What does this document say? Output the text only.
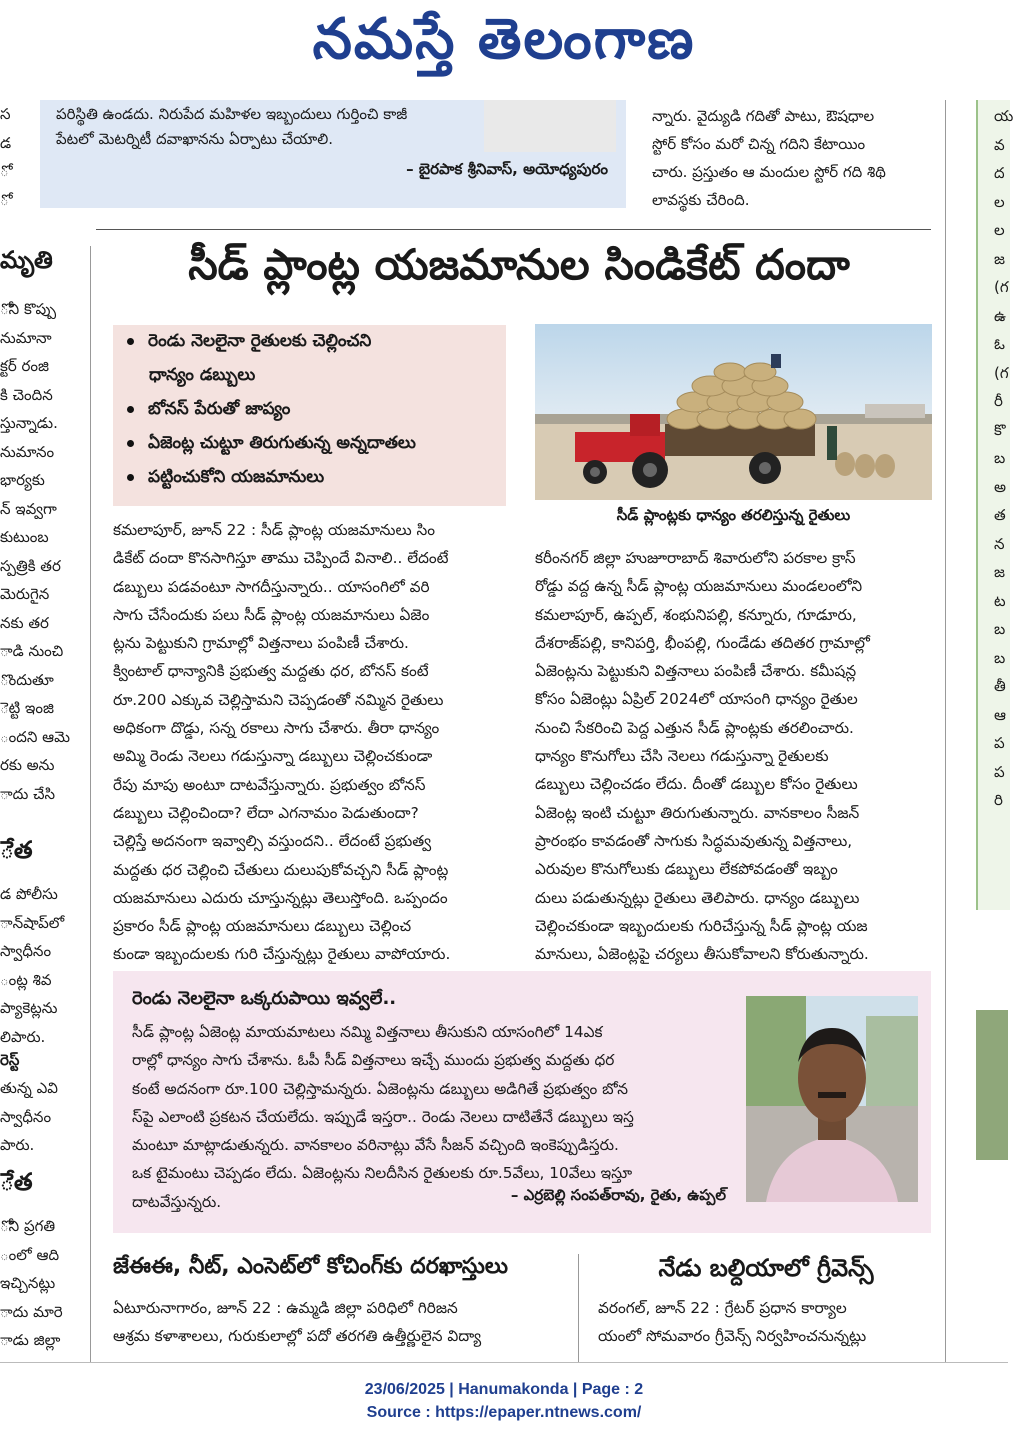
నమస్తే తెలంగాణ
పరిస్థితి ఉండదు. నిరుపేద మహిళల ఇబ్బందులు గుర్తించి కాజీ
పేటలో మెటర్నిటీ దవాఖానను ఏర్పాటు చేయాలి.
– బైరపాక శ్రీనివాస్, అయోధ్యపురం
న్నారు. వైద్యుడి గదితో పాటు, ఔషధాల
స్టోర్ కోసం మరో చిన్న గదిని కేటాయిం
చారు. ప్రస్తుతం ఆ మందుల స్టోర్ గది శిథి
లావస్థకు చేరింది.
స
డ
ో
ో
మృతి
ోని కొప్పు
నుమానా
క్టర్ రంజి
కి చెందిన
స్తున్నాడు.
నుమానం
భార్యకు
న్ ఇవ్వగా
కుటుంబ
స్పత్రికి తర
మెరుగైన
నకు తర
ాడి నుంచి
ొందుతూ
ెట్టి ఇంజి
ందని ఆమె
రకు అను
ాదు చేసి
ేత
డ పోలీసు
ాన్‌షాప్‌లో
స్వాధీనం
ంట్ల శివ
ప్యాకెట్లను
లిపారు.
రెస్ట్
తున్న ఎవి
స్వాధీనం
పారు.
ేత
ోని ప్రగతి
ంలో ఆది
ఇచ్చినట్లు
ాదు మారె
ాడు జిల్లా
య
వ
ద
ల
ల
జ
(గ
ఉ
ఓ
(గ
రీ
కొ
బ
అ
త
న
జ
ట
బ
బ
తీ
ఆ
ప
ప
రి
సీడ్ ప్లాంట్ల యజమానుల సిండికేట్ దందా
రెండు నెలలైనా రైతులకు చెల్లించని
ధాన్యం డబ్బులు
బోనస్ పేరుతో జాప్యం
ఏజెంట్ల చుట్టూ తిరుగుతున్న అన్నదాతలు
పట్టించుకోని యజమానులు
సీడ్ ప్లాంట్లకు ధాన్యం తరలిస్తున్న రైతులు
కమలాపూర్, జూన్ 22 : సీడ్ ప్లాంట్ల యజమానులు సిం
డికేట్ దందా కొనసాగిస్తూ తాము చెప్పిందే వినాలి.. లేదంటే
డబ్బులు పడవంటూ సాగదీస్తున్నారు.. యాసంగిలో వరి
సాగు చేసేందుకు పలు సీడ్ ప్లాంట్ల యజమానులు ఏజెం
ట్లను పెట్టుకుని గ్రామాల్లో విత్తనాలు పంపిణీ చేశారు.
క్వింటాల్ ధాన్యానికి ప్రభుత్వ మద్దతు ధర, బోనస్ కంటే
రూ.200 ఎక్కువ చెల్లిస్తామని చెప్పడంతో నమ్మిన రైతులు
అధికంగా దొడ్డు, సన్న రకాలు సాగు చేశారు. తీరా ధాన్యం
అమ్మి రెండు నెలలు గడుస్తున్నా డబ్బులు చెల్లించకుండా
రేపు మాపు అంటూ దాటవేస్తున్నారు. ప్రభుత్వం బోనస్
డబ్బులు చెల్లించిందా? లేదా ఎగనామం పెడుతుందా?
చెల్లిస్తే అదనంగా ఇవ్వాల్సి వస్తుందని.. లేదంటే ప్రభుత్వ
మద్దతు ధర చెల్లించి చేతులు దులుపుకోవచ్చని సీడ్ ప్లాంట్ల
యజమానులు ఎదురు చూస్తున్నట్లు తెలుస్తోంది. ఒప్పందం
ప్రకారం సీడ్ ప్లాంట్ల యజమానులు డబ్బులు చెల్లించ
కుండా ఇబ్బందులకు గురి చేస్తున్నట్లు రైతులు వాపోయారు.
కరీంనగర్ జిల్లా హుజూరాబాద్ శివారులోని పరకాల క్రాస్
రోడ్డు వద్ద ఉన్న సీడ్ ప్లాంట్ల యజమానులు మండలంలోని
కమలాపూర్, ఉప్పల్, శంభునిపల్లి, కన్నూరు, గూడూరు,
దేశరాజ్‌పల్లి, కానిపర్తి, భీంపల్లి, గుండేడు తదితర గ్రామాల్లో
ఏజెంట్లను పెట్టుకుని విత్తనాలు పంపిణీ చేశారు. కమీషన్ల
కోసం ఏజెంట్లు ఏప్రిల్ 2024లో యాసంగి ధాన్యం రైతుల
నుంచి సేకరించి పెద్ద ఎత్తున సీడ్ ప్లాంట్లకు తరలించారు.
ధాన్యం కొనుగోలు చేసి నెలలు గడుస్తున్నా రైతులకు
డబ్బులు చెల్లించడం లేదు. దీంతో డబ్బుల కోసం రైతులు
ఏజెంట్ల ఇంటి చుట్టూ తిరుగుతున్నారు. వానకాలం సీజన్
ప్రారంభం కావడంతో సాగుకు సిద్ధమవుతున్న విత్తనాలు,
ఎరువుల కొనుగోలుకు డబ్బులు లేకపోవడంతో ఇబ్బం
దులు పడుతున్నట్లు రైతులు తెలిపారు. ధాన్యం డబ్బులు
చెల్లించకుండా ఇబ్బందులకు గురిచేస్తున్న సీడ్ ప్లాంట్ల యజ
మానులు, ఏజెంట్లపై చర్యలు తీసుకోవాలని కోరుతున్నారు.
రెండు నెలలైనా ఒక్కరుపాయి ఇవ్వలే..
సీడ్ ప్లాంట్ల ఏజెంట్ల మాయమాటలు నమ్మి విత్తనాలు తీసుకుని యాసంగిలో 14ఎక
రాల్లో ధాన్యం సాగు చేశాను. ఓపీ సీడ్ విత్తనాలు ఇచ్చే ముందు ప్రభుత్వ మద్దతు ధర
కంటే అదనంగా రూ.100 చెల్లిస్తామన్నరు. ఏజెంట్లను డబ్బులు అడిగితే ప్రభుత్వం బోన
స్‌పై ఎలాంటి ప్రకటన చేయలేదు. ఇప్పుడే ఇస్తరా.. రెండు నెలలు దాటితేనే డబ్బులు ఇస్త
మంటూ మాట్లాడుతున్నరు. వానకాలం వరినాట్లు వేసే సీజన్ వచ్చింది ఇంకెప్పుడిస్తరు.
ఒక టైమంటు చెప్పడం లేదు. ఏజెంట్లను నిలదీసిన రైతులకు రూ.5వేలు, 10వేలు ఇస్తూ
దాటవేస్తున్నరు.	– ఎర్రబెల్లి సంపత్‌రావు, రైతు, ఉప్పల్
జేఈఈ, నీట్, ఎంసెట్‌లో కోచింగ్‌కు దరఖాస్తులు
ఏటూరునాగారం, జూన్ 22 : ఉమ్మడి జిల్లా పరిధిలో గిరిజన
ఆశ్రమ కళాశాలలు, గురుకులాల్లో పదో తరగతి ఉత్తీర్ణులైన విద్యా
నేడు బల్దియాలో గ్రీవెన్స్
వరంగల్, జూన్ 22 : గ్రేటర్ ప్రధాన కార్యాల
యంలో సోమవారం గ్రీవెన్స్ నిర్వహించనున్నట్లు
23/06/2025 | Hanumakonda | Page : 2
Source : https://epaper.ntnews.com/
